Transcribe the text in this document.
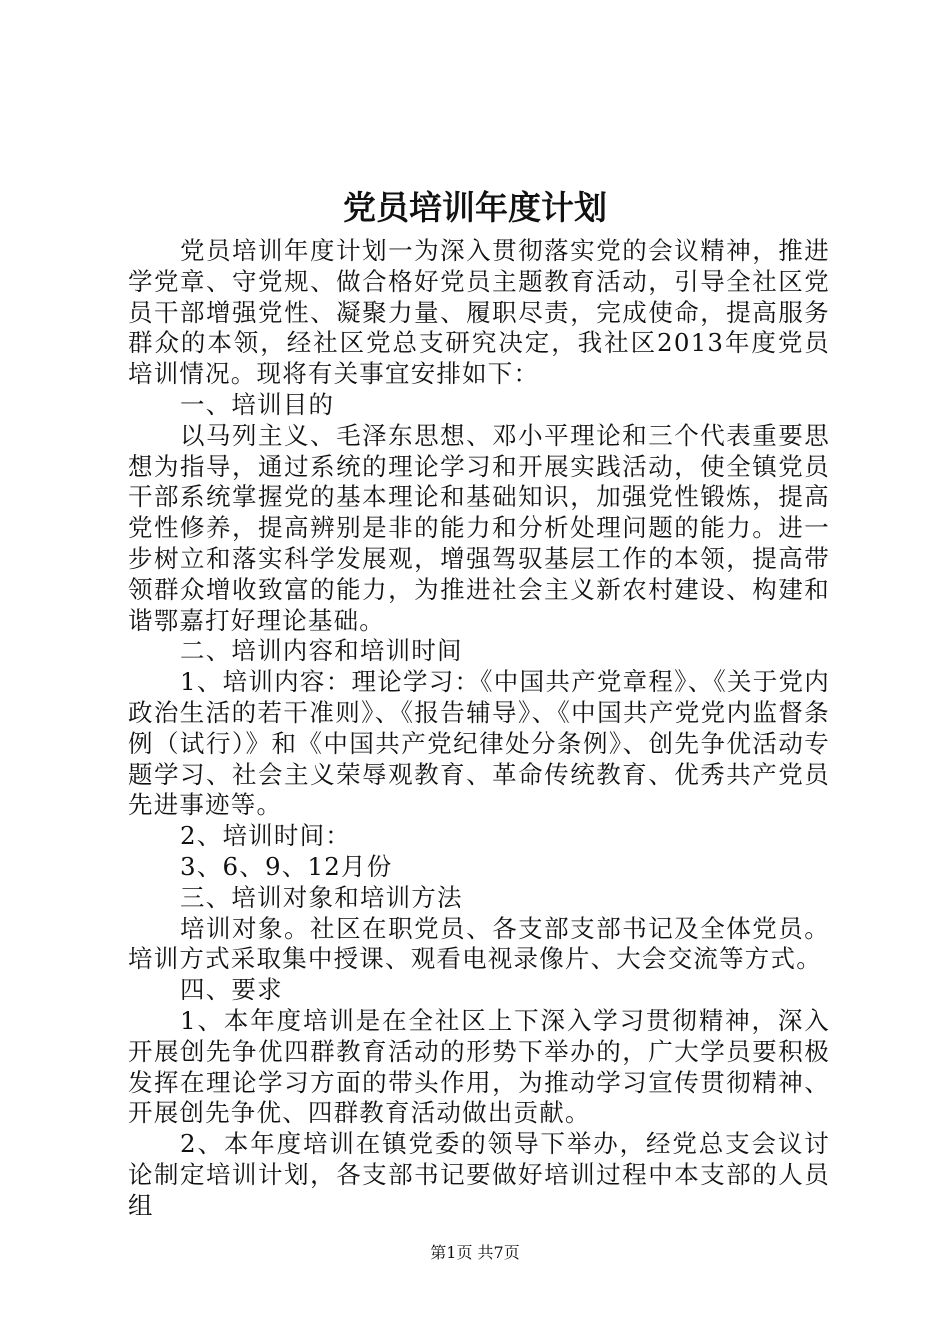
党员培训年度计划

党员培训年度计划一为深入贯彻落实党的会议精神，推进学党章、守党规、做合格好党员主题教育活动，引导全社区党员干部增强党性、凝聚力量、履职尽责，完成使命，提高服务群众的本领，经社区党总支研究决定，我社区2013年度党员培训情况。现将有关事宜安排如下：

一、培训目的

以马列主义、毛泽东思想、邓小平理论和三个代表重要思想为指导，通过系统的理论学习和开展实践活动，使全镇党员干部系统掌握党的基本理论和基础知识，加强党性锻炼，提高党性修养，提高辨别是非的能力和分析处理问题的能力。进一步树立和落实科学发展观，增强驾驭基层工作的本领，提高带领群众增收致富的能力，为推进社会主义新农村建设、构建和谐鄂嘉打好理论基础。

二、培训内容和培训时间

1、培训内容：理论学习：《中国共产党章程》、《关于党内政治生活的若干准则》、《报告辅导》、《中国共产党党内监督条例（试行）》和《中国共产党纪律处分条例》、创先争优活动专题学习、社会主义荣辱观教育、革命传统教育、优秀共产党员先进事迹等。

2、培训时间：

3、6、9、12月份

三、培训对象和培训方法

培训对象。社区在职党员、各支部支部书记及全体党员。培训方式采取集中授课、观看电视录像片、大会交流等方式。

四、要求

1、本年度培训是在全社区上下深入学习贯彻精神，深入开展创先争优四群教育活动的形势下举办的，广大学员要积极发挥在理论学习方面的带头作用，为推动学习宣传贯彻精神、开展创先争优、四群教育活动做出贡献。

2、本年度培训在镇党委的领导下举办，经党总支会议讨论制定培训计划，各支部书记要做好培训过程中本支部的人员组

第1页 共7页
